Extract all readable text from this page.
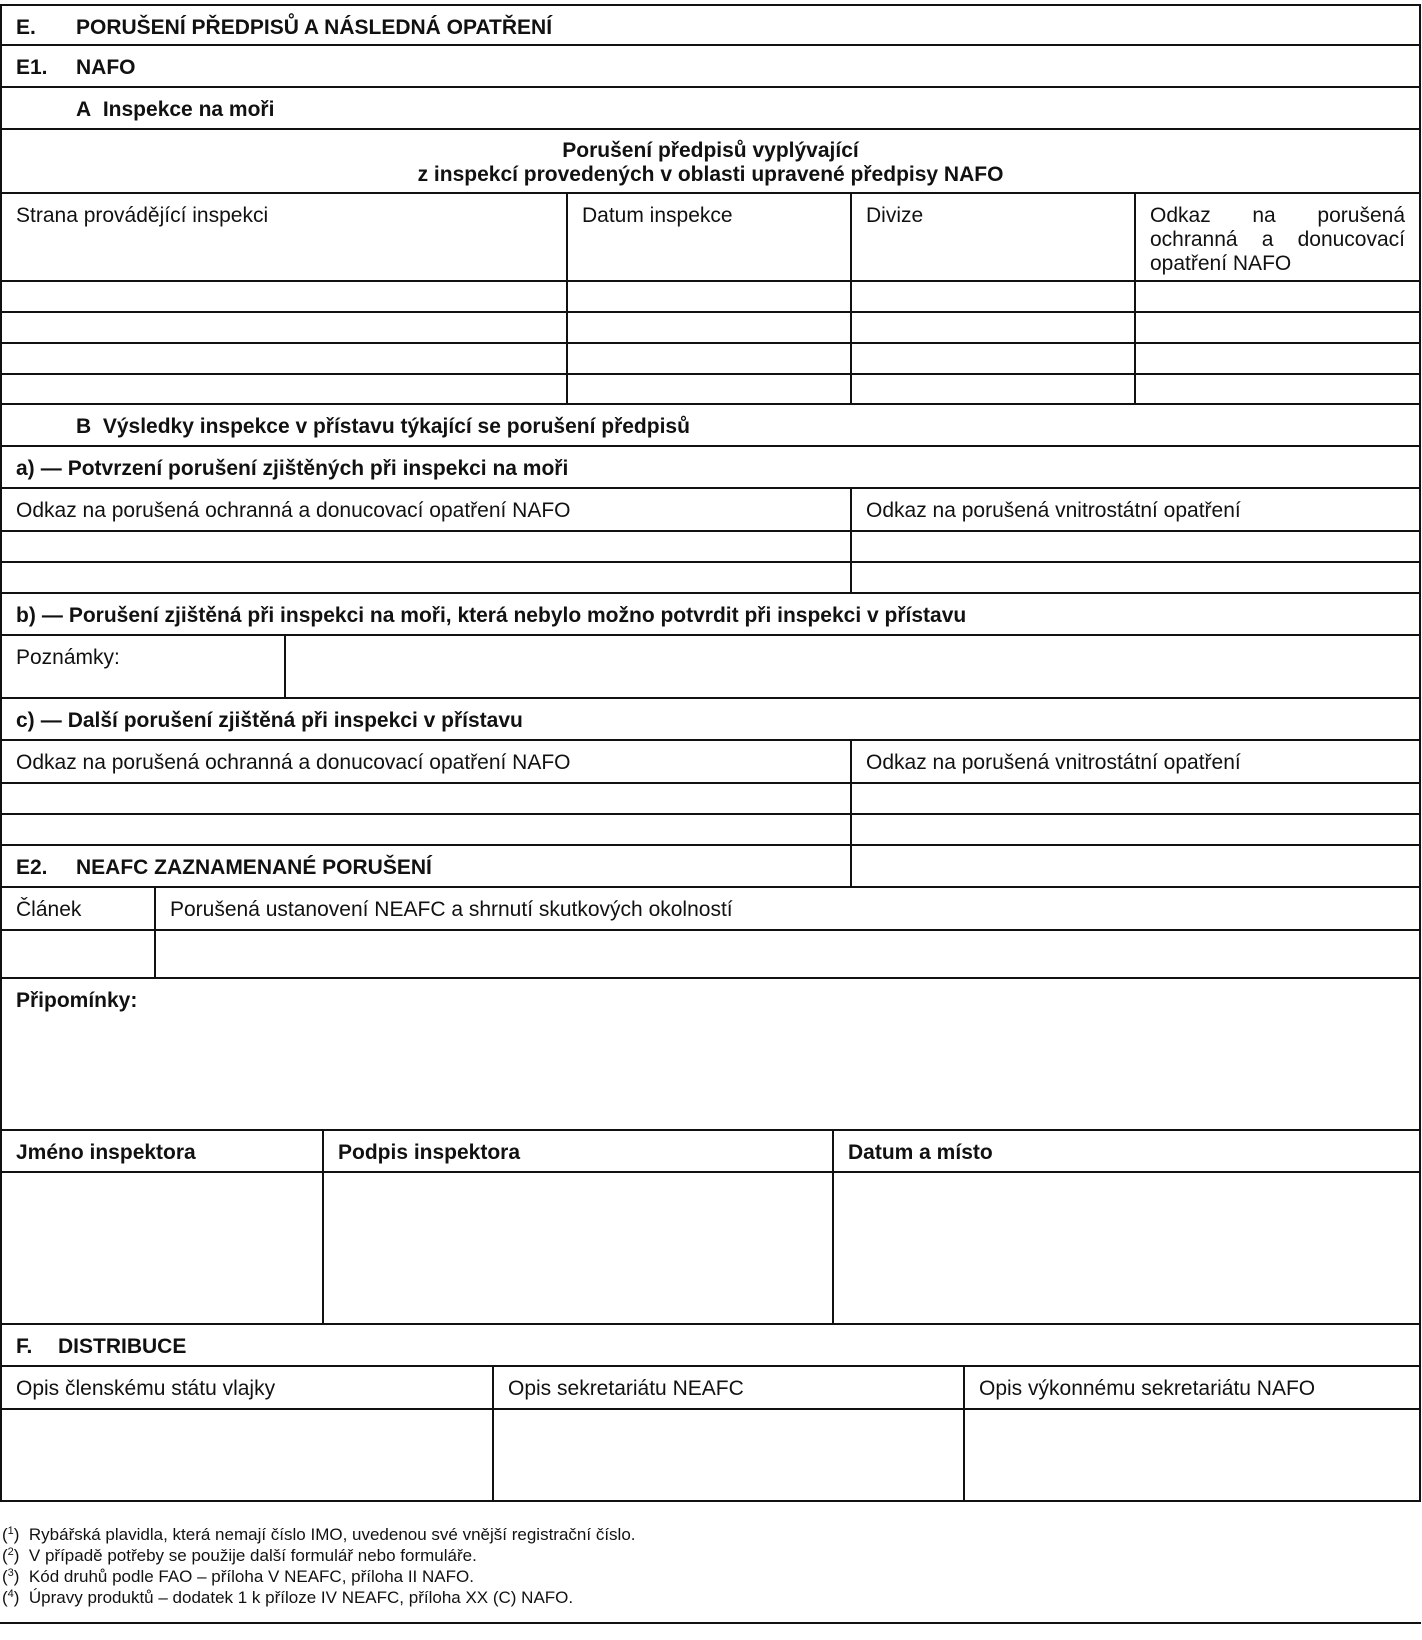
E. PORUŠENÍ PŘEDPISŮ A NÁSLEDNÁ OPATŘENÍ
E1. NAFO
A Inspekce na moři
Porušení předpisů vyplývající
z inspekcí provedených v oblasti upravené předpisy NAFO
Strana provádějící inspekci	Datum inspekce	Divize	Odkaz na porušená ochranná a donucovací opatření NAFO
B Výsledky inspekce v přístavu týkající se porušení předpisů
a) — Potvrzení porušení zjištěných při inspekci na moři
Odkaz na porušená ochranná a donucovací opatření NAFO	Odkaz na porušená vnitrostátní opatření
b) — Porušení zjištěná při inspekci na moři, která nebylo možno potvrdit při inspekci v přístavu
Poznámky:
c) — Další porušení zjištěná při inspekci v přístavu
Odkaz na porušená ochranná a donucovací opatření NAFO	Odkaz na porušená vnitrostátní opatření
E2. NEAFC ZAZNAMENANÉ PORUŠENÍ
Článek	Porušená ustanovení NEAFC a shrnutí skutkových okolností
Připomínky:
Jméno inspektora	Podpis inspektora	Datum a místo
F. DISTRIBUCE
Opis členskému státu vlajky	Opis sekretariátu NEAFC	Opis výkonnému sekretariátu NAFO
($^1$)  Rybářská plavidla, která nemají číslo IMO, uvedenou své vnější registrační číslo.
($^2$)  V případě potřeby se použije další formulář nebo formuláře.
($^3$)  Kód druhů podle FAO – příloha V NEAFC, příloha II NAFO.
($^4$)  Úpravy produktů – dodatek 1 k příloze IV NEAFC, příloha XX (C) NAFO.
